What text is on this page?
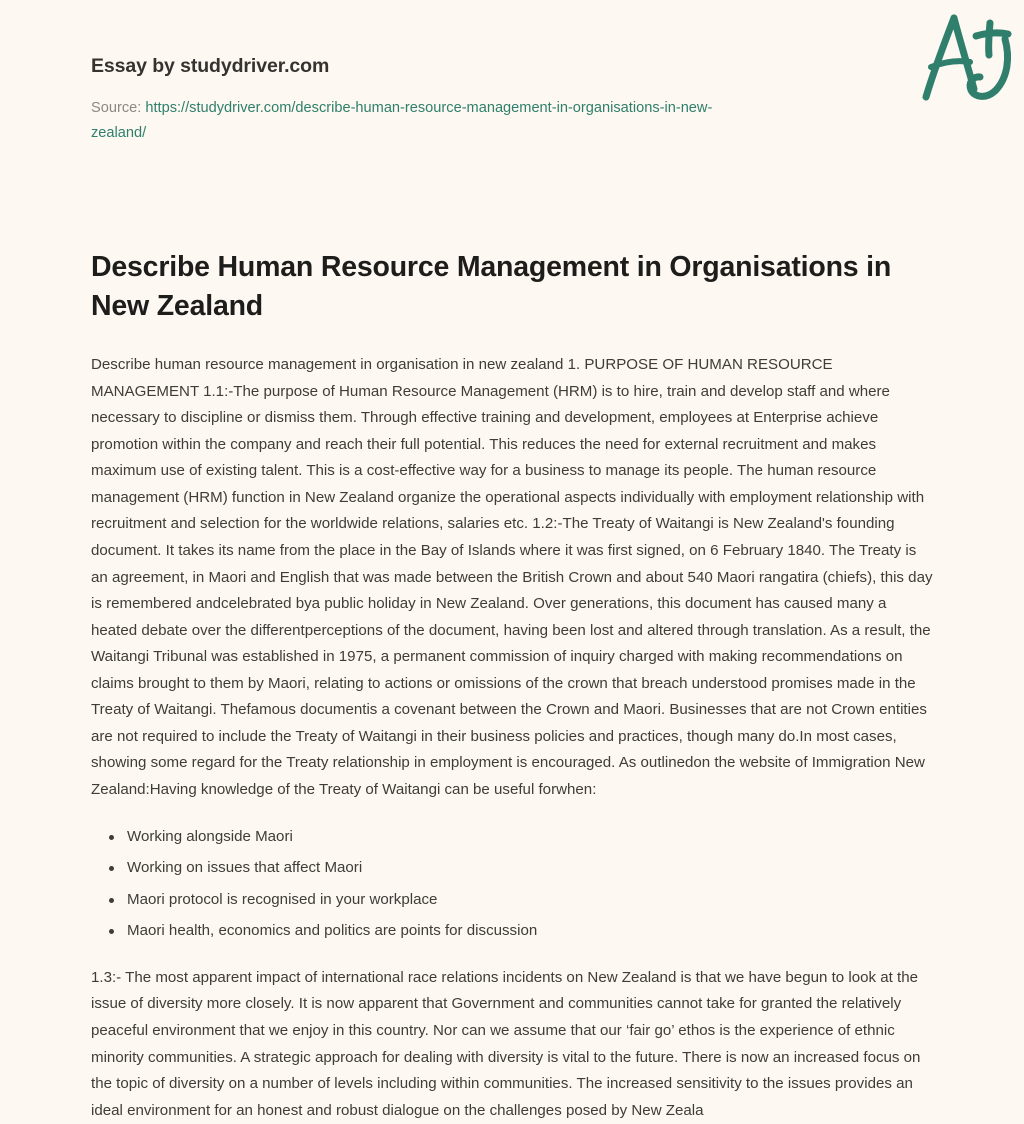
Essay by studydriver.com
Source: https://studydriver.com/describe-human-resource-management-in-organisations-in-new-zealand/
Describe Human Resource Management in Organisations in New Zealand

Describe human resource management in organisation in new zealand 1. PURPOSE OF HUMAN RESOURCE MANAGEMENT 1.1:-The purpose of Human Resource Management (HRM) is to hire, train and develop staff and where necessary to discipline or dismiss them. Through effective training and development, employees at Enterprise achieve promotion within the company and reach their full potential. This reduces the need for external recruitment and makes maximum use of existing talent. This is a cost-effective way for a business to manage its people. The human resource management (HRM) function in New Zealand organize the operational aspects individually with employment relationship with recruitment and selection for the worldwide relations, salaries etc. 1.2:-The Treaty of Waitangi is New Zealand's founding document. It takes its name from the place in the Bay of Islands where it was first signed, on 6 February 1840. The Treaty is an agreement, in Maori and English that was made between the British Crown and about 540 Maori rangatira (chiefs), this day is remembered andcelebrated bya public holiday in New Zealand. Over generations, this document has caused many a heated debate over the differentperceptions of the document, having been lost and altered through translation. As a result, the Waitangi Tribunal was established in 1975, a permanent commission of inquiry charged with making recommendations on claims brought to them by Maori, relating to actions or omissions of the crown that breach understood promises made in the Treaty of Waitangi. Thefamous documentis a covenant between the Crown and Maori. Businesses that are not Crown entities are not required to include the Treaty of Waitangi in their business policies and practices, though many do.In most cases, showing some regard for the Treaty relationship in employment is encouraged. As outlinedon the website of Immigration New Zealand:Having knowledge of the Treaty of Waitangi can be useful forwhen:

Working alongside Maori
Working on issues that affect Maori
Maori protocol is recognised in your workplace
Maori health, economics and politics are points for discussion

1.3:- The most apparent impact of international race relations incidents on New Zealand is that we have begun to look at the issue of diversity more closely. It is now apparent that Government and communities cannot take for granted the relatively peaceful environment that we enjoy in this country. Nor can we assume that our ‘fair go’ ethos is the experience of ethnic minority communities. A strategic approach for dealing with diversity is vital to the future. There is now an increased focus on the topic of diversity on a number of levels including within communities. The increased sensitivity to the issues provides an ideal environment for an honest and robust dialogue on the challenges posed by New Zeala
